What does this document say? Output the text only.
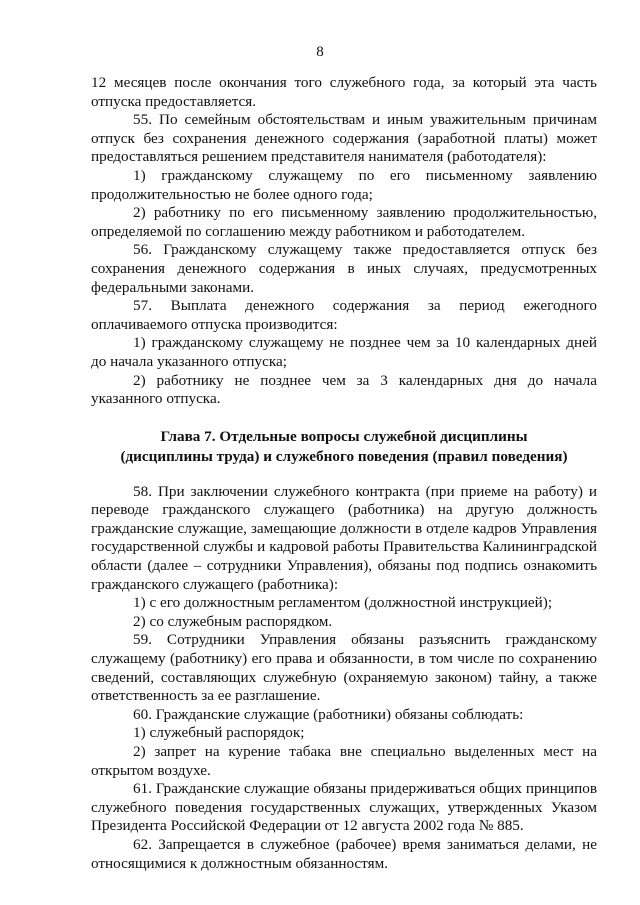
8

12 месяцев после окончания того служебного года, за который эта часть отпуска предоставляется.

55. По семейным обстоятельствам и иным уважительным причинам отпуск без сохранения денежного содержания (заработной платы) может предоставляться решением представителя нанимателя (работодателя):

1) гражданскому служащему по его письменному заявлению продолжительностью не более одного года;

2) работнику по его письменному заявлению продолжительностью, определяемой по соглашению между работником и работодателем.

56. Гражданскому служащему также предоставляется отпуск без сохранения денежного содержания в иных случаях, предусмотренных федеральными законами.

57. Выплата денежного содержания за период ежегодного оплачиваемого отпуска производится:

1) гражданскому служащему не позднее чем за 10 календарных дней до начала указанного отпуска;

2) работнику не позднее чем за 3 календарных дня до начала указанного отпуска.

Глава 7. Отдельные вопросы служебной дисциплины
(дисциплины труда) и служебного поведения (правил поведения)

58. При заключении служебного контракта (при приеме на работу) и переводе гражданского служащего (работника) на другую должность гражданские служащие, замещающие должности в отделе кадров Управления государственной службы и кадровой работы Правительства Калининградской области (далее – сотрудники Управления), обязаны под подпись ознакомить гражданского служащего (работника):

1) с его должностным регламентом (должностной инструкцией);

2) со служебным распорядком.

59. Сотрудники Управления обязаны разъяснить гражданскому служащему (работнику) его права и обязанности, в том числе по сохранению сведений, составляющих служебную (охраняемую законом) тайну, а также ответственность за ее разглашение.

60. Гражданские служащие (работники) обязаны соблюдать:

1) служебный распорядок;

2) запрет на курение табака вне специально выделенных мест на открытом воздухе.

61. Гражданские служащие обязаны придерживаться общих принципов служебного поведения государственных служащих, утвержденных Указом Президента Российской Федерации от 12 августа 2002 года № 885.

62. Запрещается в служебное (рабочее) время заниматься делами, не относящимися к должностным обязанностям.
